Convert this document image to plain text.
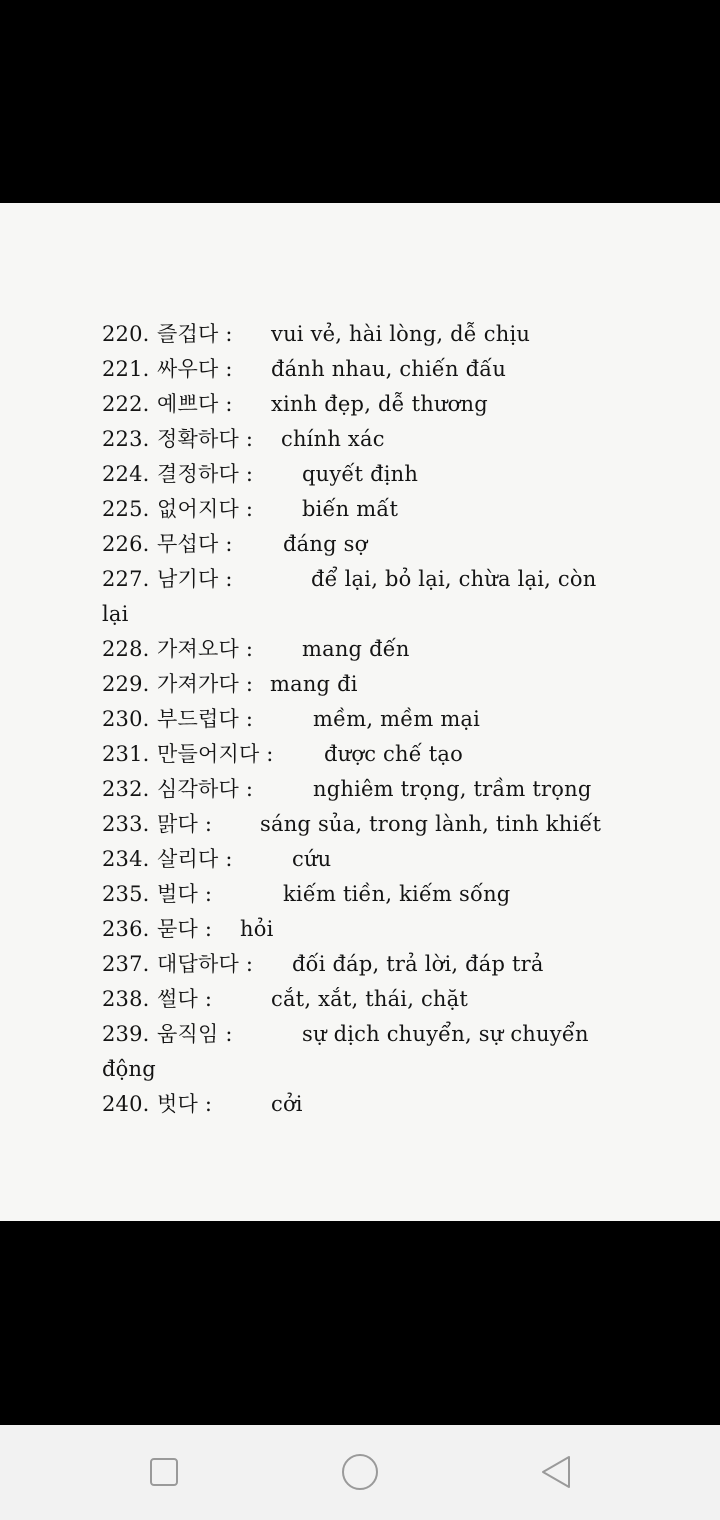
220. 즐겁다 : vui vẻ, hài lòng, dễ chịu
221. 싸우다 : đánh nhau, chiến đấu
222. 예쁘다 : xinh đẹp, dễ thương
223. 정확하다 : chính xác
224. 결정하다 : quyết định
225. 없어지다 : biến mất
226. 무섭다 : đáng sợ
227. 남기다 :	để lại, bỏ lại, chừa lại, còn
lại
228. 가져오다 : mang đến
229. 가져가다 : mang đi
230. 부드럽다 :	mềm, mềm mại
231. 만들어지다 : được chế tạo
232. 심각하다 :	nghiêm trọng, trầm trọng
233. 맑다 : sáng sủa, trong lành, tinh khiết
234. 살리다 :	cứu
235. 벌다 :	kiếm tiền, kiếm sống
236. 묻다 : hỏi
237. 대답하다 : đối đáp, trả lời, đáp trả
238. 썰다 :	cắt, xắt, thái, chặt
239. 움직임 :	sự dịch chuyển, sự chuyển
động
240. 벗다 :	cởi
